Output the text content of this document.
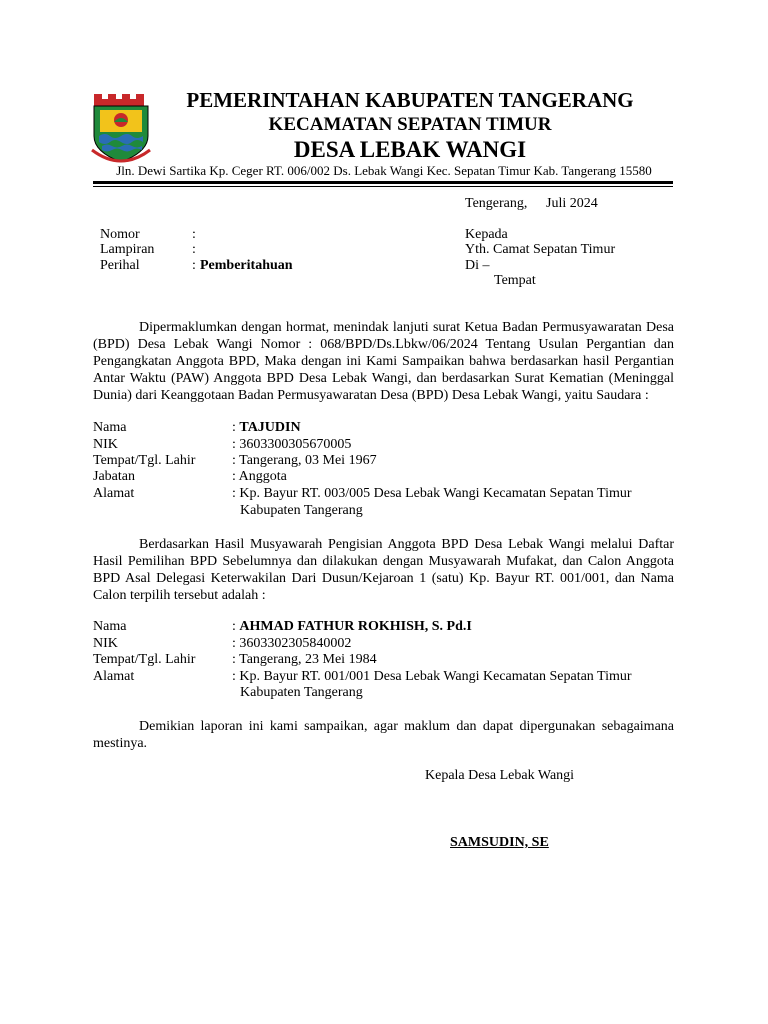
PEMERINTAHAN KABUPATEN TANGERANG
KECAMATAN SEPATAN TIMUR
DESA LEBAK WANGI
Jln. Dewi Sartika Kp. Ceger RT. 006/002 Ds. Lebak Wangi Kec. Sepatan Timur Kab. Tangerang 15580
Tengerang, Juli 2024
Nomor	:
Lampiran	:
Perihal	: Pemberitahuan
Kepada
Yth. Camat Sepatan Timur
Di –
Tempat
Dipermaklumkan dengan hormat, menindak lanjuti surat Ketua Badan Permusyawaratan Desa (BPD) Desa Lebak Wangi Nomor : 068/BPD/Ds.Lbkw/06/2024 Tentang Usulan Pergantian dan Pengangkatan Anggota BPD, Maka dengan ini Kami Sampaikan bahwa berdasarkan hasil Pergantian Antar Waktu (PAW) Anggota BPD Desa Lebak Wangi, dan berdasarkan Surat Kematian (Meninggal Dunia) dari Keanggotaan Badan Permusyawaratan Desa (BPD) Desa Lebak Wangi, yaitu Saudara :
Nama	: TAJUDIN
NIK	: 3603300305670005
Tempat/Tgl. Lahir	: Tangerang, 03 Mei 1967
Jabatan	: Anggota
Alamat	: Kp. Bayur RT. 003/005 Desa Lebak Wangi Kecamatan Sepatan Timur
Kabupaten Tangerang
Berdasarkan Hasil Musyawarah Pengisian Anggota BPD Desa Lebak Wangi melalui Daftar Hasil Pemilihan BPD Sebelumnya dan dilakukan dengan Musyawarah Mufakat, dan Calon Anggota BPD Asal Delegasi Keterwakilan Dari Dusun/Kejaroan 1 (satu) Kp. Bayur RT. 001/001, dan Nama Calon terpilih tersebut adalah :
Nama	: AHMAD FATHUR ROKHISH, S. Pd.I
NIK	: 3603302305840002
Tempat/Tgl. Lahir	: Tangerang, 23 Mei 1984
Alamat	: Kp. Bayur RT. 001/001 Desa Lebak Wangi Kecamatan Sepatan Timur
Kabupaten Tangerang
Demikian laporan ini kami sampaikan, agar maklum dan dapat dipergunakan sebagaimana mestinya.
Kepala Desa Lebak Wangi
SAMSUDIN, SE
